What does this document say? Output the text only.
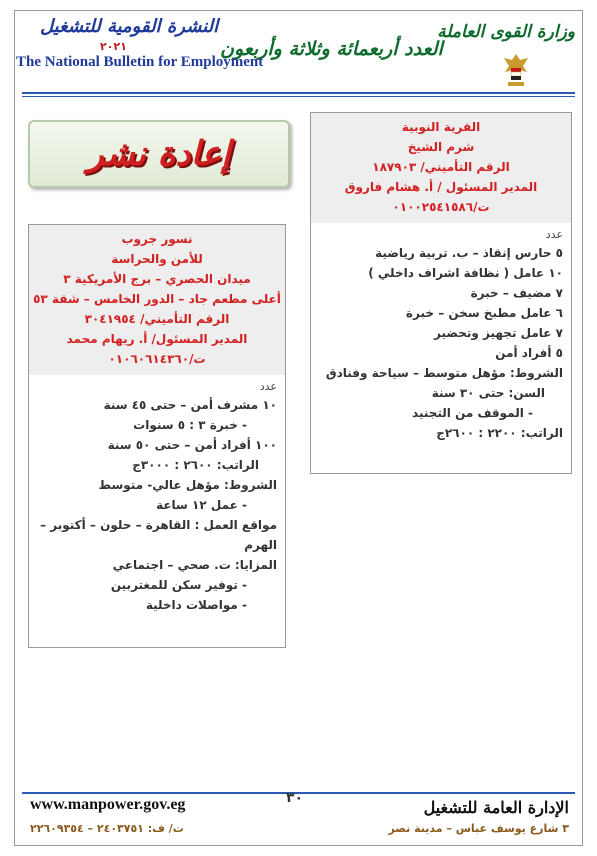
وزارة القوى العاملة
العدد أربعمائة وثلاثة وأربعون
النشرة القومية للتشغيل
٢٠٢١
The National Bulletin for Employment
إعادة نشر
القرية النوبية
شرم الشيخ
الرقم التأميني/ ١٨٧٩٠٣
المدير المسئول / أ. هشام فاروق
ت/٠١٠٠٢٥٤١٥٨٦
عدد
٥ حارس إنقاذ – ب. تربية رياضية
١٠ عامل ( نظافة اشراف داخلي )
٧ مضيف – خبرة
٦ عامل مطبخ سخن – خبرة
٧ عامل تجهيز وتحضير
٥ أفراد أمن
الشروط: مؤهل متوسط – سياحة وفنادق
السن: حتى ٣٠ سنة
- الموقف من التجنيد
الراتب: ٢٢٠٠ : ٢٦٠٠ج
نسور جروب
للأمن والحراسة
ميدان الحصري – برج الأمريكية ٣
أعلى مطعم جاد – الدور الخامس – شقة ٥٣
الرقم التأميني/ ٣٠٤١٩٥٤
المدير المسئول/ أ. ريهام محمد
ت/٠١٠٦٠٦١٤٣٦٠
عدد
١٠ مشرف أمن – حتى ٤٥ سنة
- خبرة ٣ : ٥ سنوات
١٠٠ أفراد أمن – حتى ٥٠ سنة
الراتب: ٢٦٠٠ : ٣٠٠٠ج
الشروط: مؤهل عالي- متوسط
- عمل ١٢ ساعة
مواقع العمل : القاهرة – حلون – أكتوبر –
الهرم
المزايا: ت. صحي – اجتماعي
- توفير سكن للمغتربين
- مواصلات داخلية
www.manpower.gov.eg	٣٠	الإدارة العامة للتشغيل
٣ شارع يوسف عباس – مدينة نصر
ت/ ف: ٢٤٠٣٧٥١ – ٢٢٦٠٩٣٥٤
